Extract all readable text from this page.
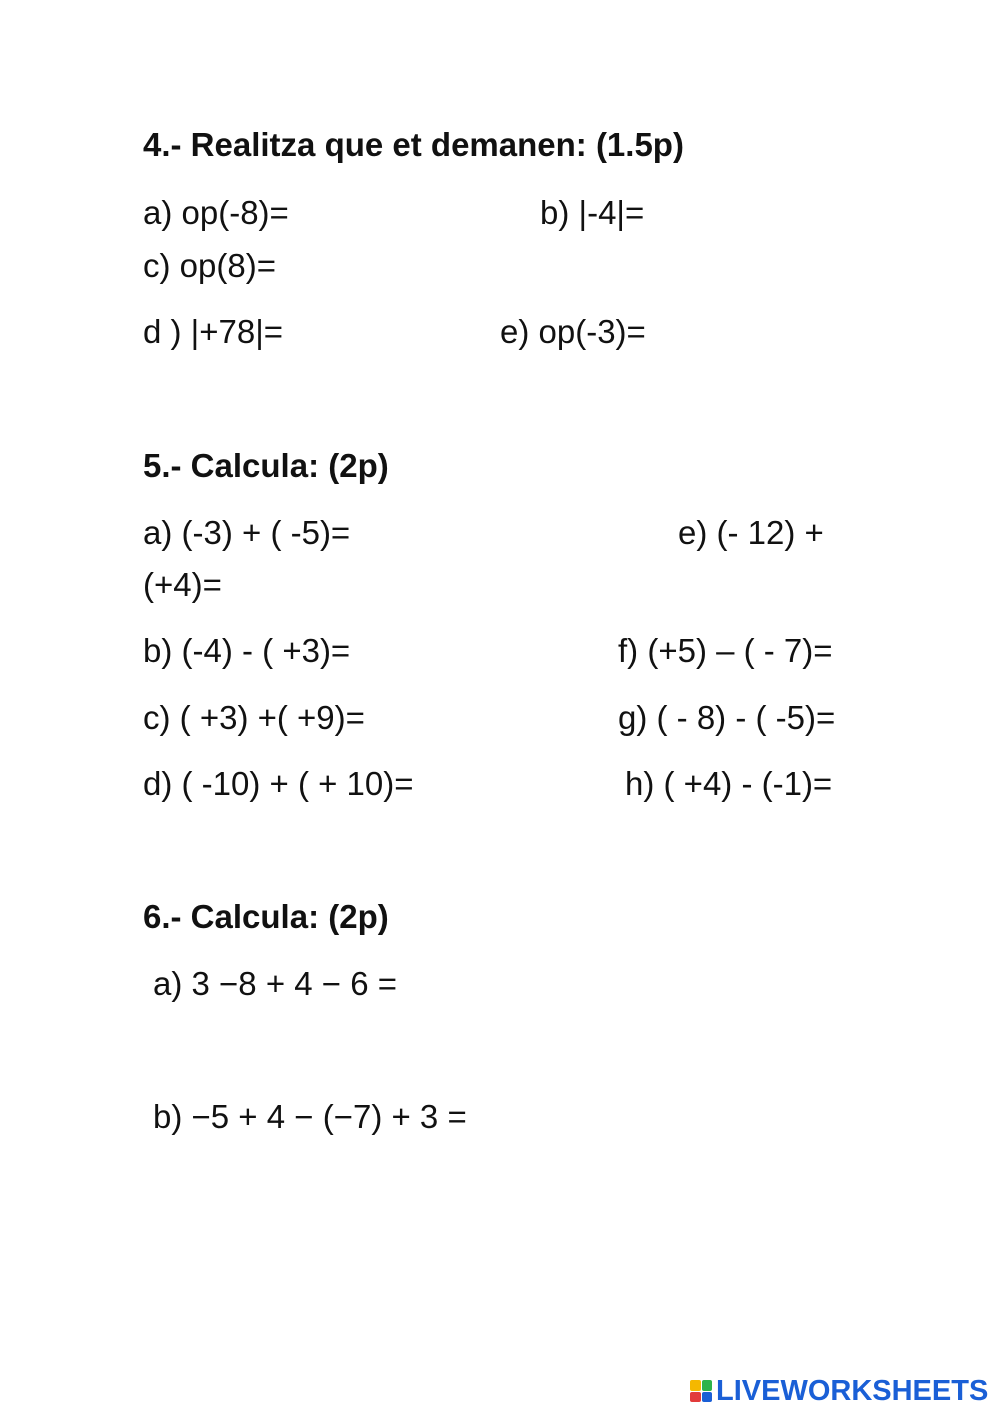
4.- Realitza que et demanen: (1.5p)
a) op(-8)=	b) |-4|=
c) op(8)=
d ) |+78|=	e) op(-3)=
5.- Calcula: (2p)
a) (-3) + ( -5)=	e) (- 12) +
(+4)=
b) (-4) - ( +3)=	f) (+5) – ( - 7)=
c) ( +3) +( +9)=	g) ( - 8) - ( -5)=
d) ( -10) + ( + 10)=	h) ( +4) - (-1)=
6.- Calcula: (2p)
a) 3 −8 + 4 − 6 =
b) −5 + 4 − (−7) + 3 =
LIVEWORKSHEETS
